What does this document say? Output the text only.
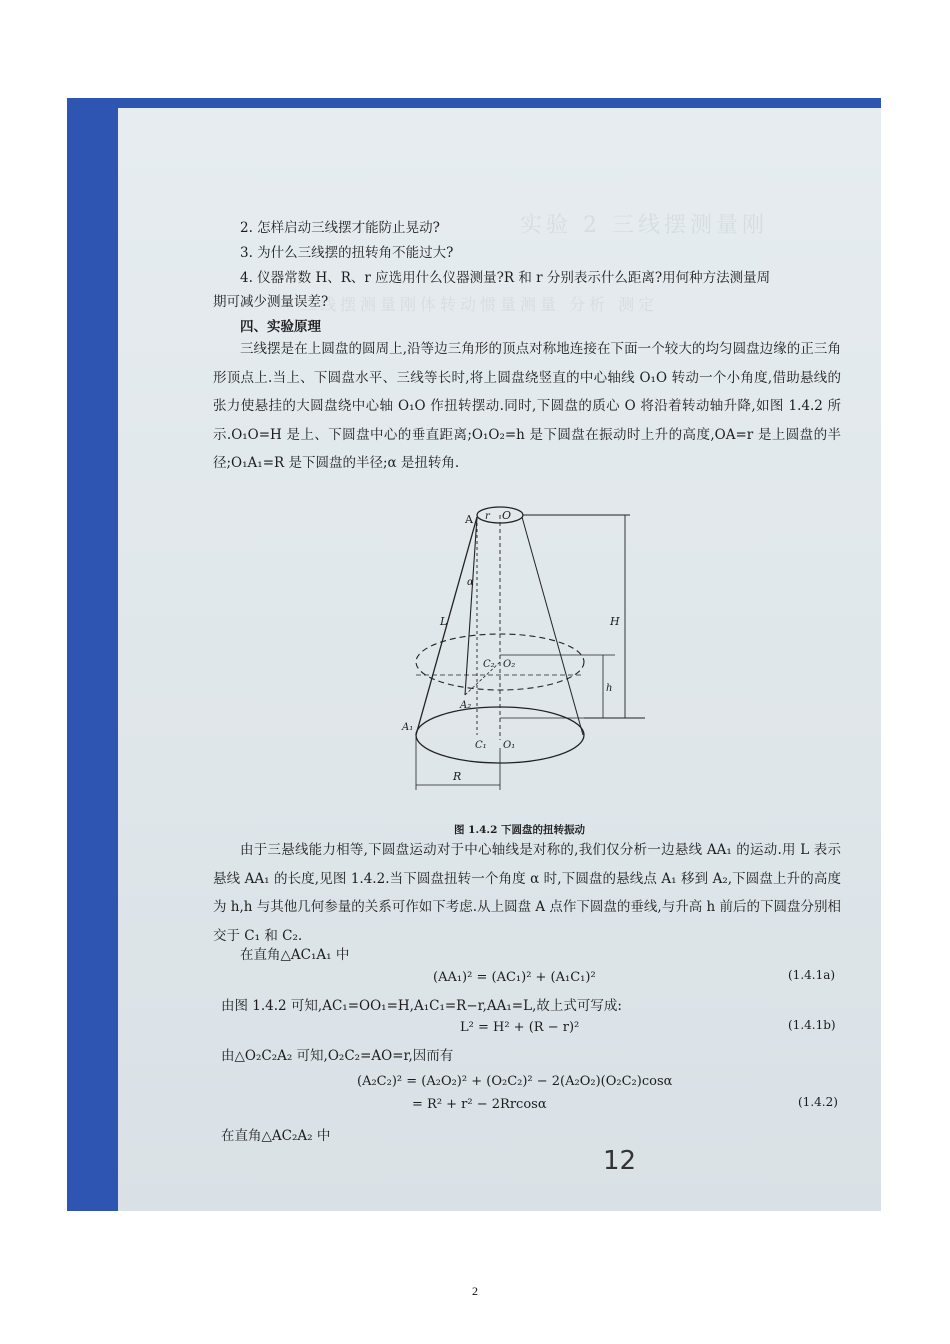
实验 2 三线摆测量刚
三线摆测量刚体转动惯量测量 分析 测定
2. 怎样启动三线摆才能防止晃动?
3. 为什么三线摆的扭转角不能过大?
4. 仪器常数 H、R、r 应选用什么仪器测量?R 和 r 分别表示什么距离?用何种方法测量周
期可减少测量误差?
四、实验原理
三线摆是在上圆盘的圆周上,沿等边三角形的顶点对称地连接在下面一个较大的均匀圆盘边缘的正三角形顶点上.当上、下圆盘水平、三线等长时,将上圆盘绕竖直的中心轴线 O₁O 转动一个小角度,借助悬线的张力使悬挂的大圆盘绕中心轴 O₁O 作扭转摆动.同时,下圆盘的质心 O 将沿着转动轴升降,如图 1.4.2 所示.O₁O=H 是上、下圆盘中心的垂直距离;O₁O₂=h 是下圆盘在振动时上升的高度,OA=r 是上圆盘的半径;O₁A₁=R 是下圆盘的半径;α 是扭转角.
A r O
α
L	H
C₂ O₂
h
A₂
A₁
C₁ O₁
R
图 1.4.2 下圆盘的扭转振动
由于三悬线能力相等,下圆盘运动对于中心轴线是对称的,我们仅分析一边悬线 AA₁ 的运动.用 L 表示悬线 AA₁ 的长度,见图 1.4.2.当下圆盘扭转一个角度 α 时,下圆盘的悬线点 A₁ 移到 A₂,下圆盘上升的高度为 h,h 与其他几何参量的关系可作如下考虑.从上圆盘 A 点作下圆盘的垂线,与升高 h 前后的下圆盘分别相交于 C₁ 和 C₂.
在直角△AC₁A₁ 中
(AA₁)² = (AC₁)² + (A₁C₁)²	(1.4.1a)
由图 1.4.2 可知,AC₁=OO₁=H,A₁C₁=R−r,AA₁=L,故上式可写成:
L² = H² + (R − r)²	(1.4.1b)
由△O₂C₂A₂ 可知,O₂C₂=AO=r,因而有
(A₂C₂)² = (A₂O₂)² + (O₂C₂)² − 2(A₂O₂)(O₂C₂)cosα
= R² + r² − 2Rrcosα	(1.4.2)
在直角△AC₂A₂ 中
12
2
